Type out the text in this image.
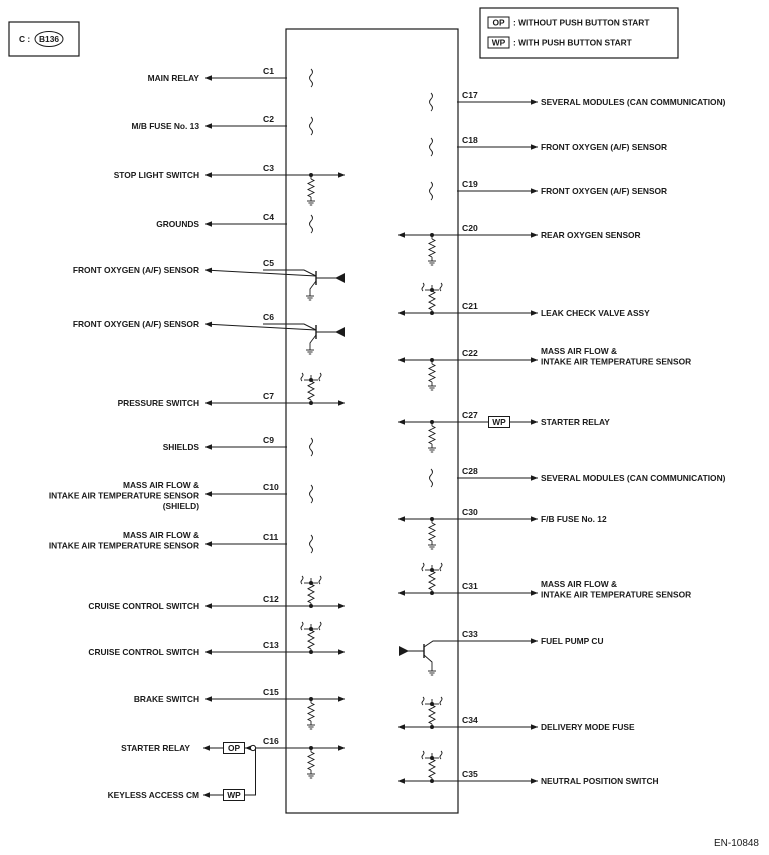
C : B136
OP : WITHOUT PUSH BUTTON START
WP : WITH PUSH BUTTON START
MAIN RELAY
C1
M/B FUSE No. 13
C2
STOP LIGHT SWITCH
C3
GROUNDS
C4
FRONT OXYGEN (A/F) SENSOR
C5
FRONT OXYGEN (A/F) SENSOR
C6
PRESSURE SWITCH
C7
SHIELDS
C9
MASS AIR FLOW &
INTAKE AIR TEMPERATURE SENSOR
(SHIELD)
C10
MASS AIR FLOW &
INTAKE AIR TEMPERATURE SENSOR
C11
CRUISE CONTROL SWITCH
C12
CRUISE CONTROL SWITCH
C13
BRAKE SWITCH
C15
STARTER RELAY
C16
OP
WP
KEYLESS ACCESS CM
SEVERAL MODULES (CAN COMMUNICATION)
C17
FRONT OXYGEN (A/F) SENSOR
C18
FRONT OXYGEN (A/F) SENSOR
C19
REAR OXYGEN SENSOR
C20
LEAK CHECK VALVE ASSY
C21
MASS AIR FLOW &
INTAKE AIR TEMPERATURE SENSOR
C22
STARTER RELAY
C27
WP
SEVERAL MODULES (CAN COMMUNICATION)
C28
F/B FUSE No. 12
C30
MASS AIR FLOW &
INTAKE AIR TEMPERATURE SENSOR
C31
FUEL PUMP CU
C33
DELIVERY MODE FUSE
C34
NEUTRAL POSITION SWITCH
C35
EN-10848
